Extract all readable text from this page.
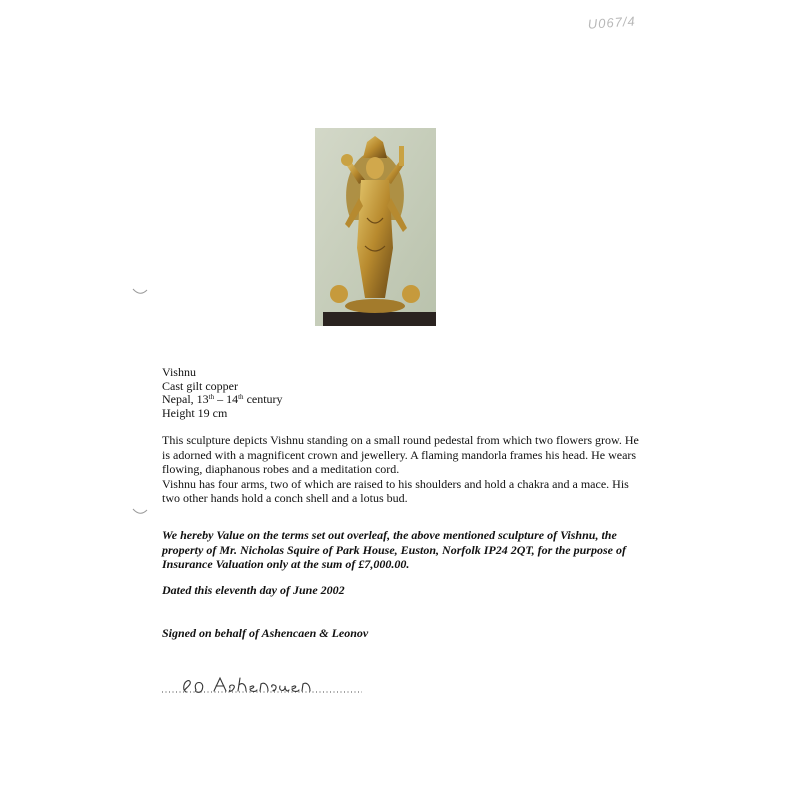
U067/4
Vishnu
Cast gilt copper
Nepal, 13th – 14th century
Height 19 cm

This sculpture depicts Vishnu standing on a small round pedestal from which two flowers grow. He is adorned with a magnificent crown and jewellery. A flaming mandorla frames his head. He wears flowing, diaphanous robes and a meditation cord.

Vishnu has four arms, two of which are raised to his shoulders and hold a chakra and a mace. His two other hands hold a conch shell and a lotus bud.

We hereby Value on the terms set out overleaf, the above mentioned sculpture of Vishnu, the property of Mr. Nicholas Squire of Park House, Euston, Norfolk IP24 2QT, for the purpose of Insurance Valuation only at the sum of £7,000.00.
Dated this eleventh day of June 2002
Signed on behalf of Ashencaen & Leonov
